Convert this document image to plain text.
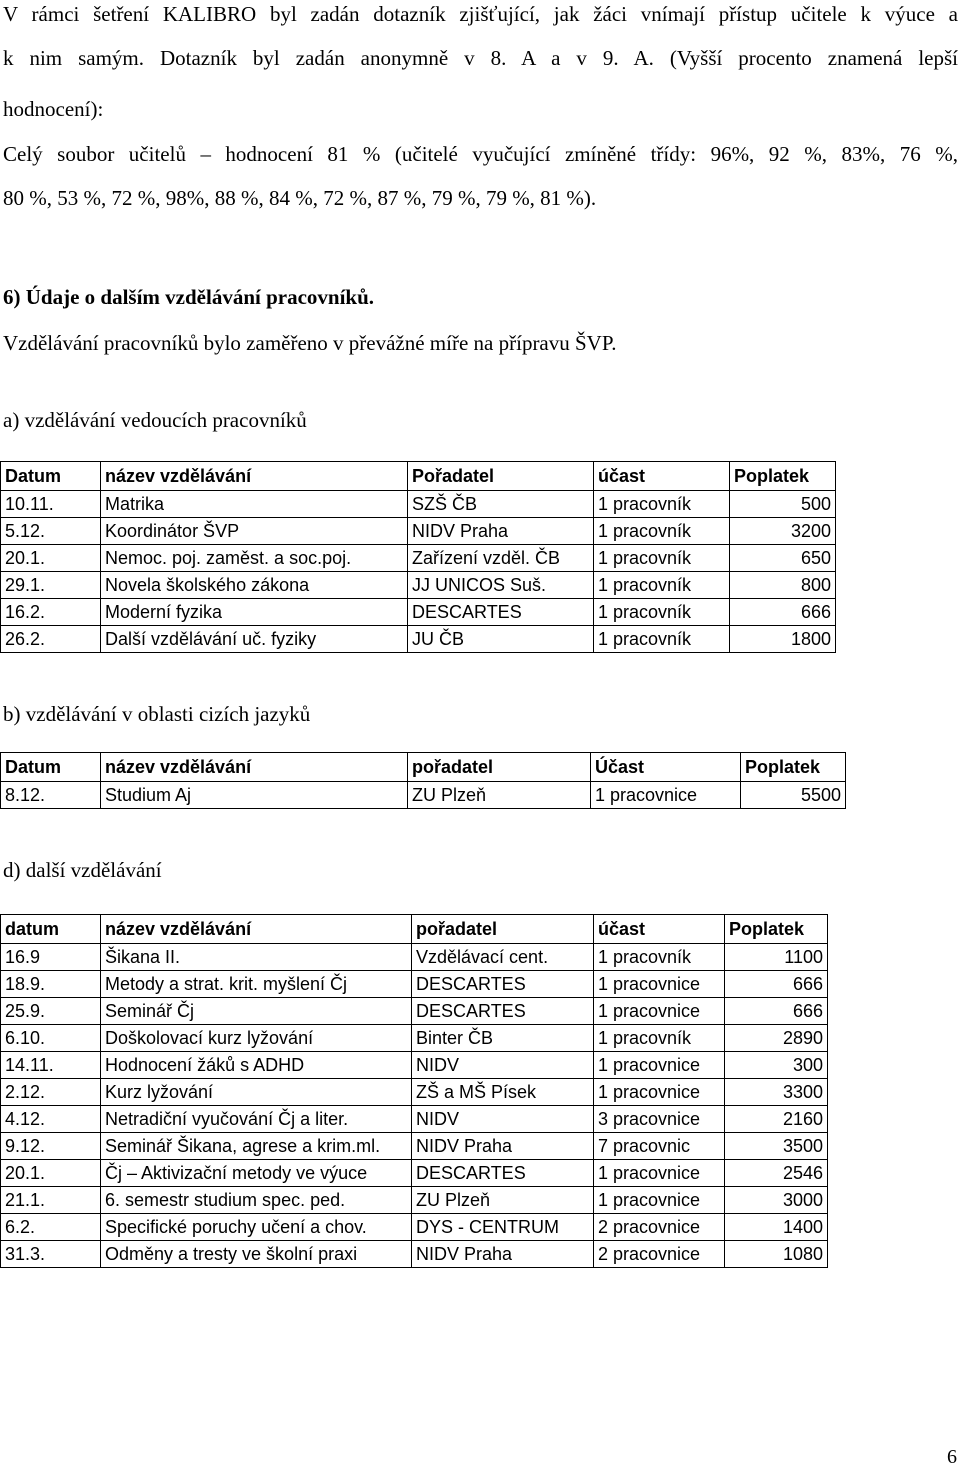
V rámci šetření KALIBRO byl zadán dotazník zjišťující, jak žáci vnímají přístup učitele k výuce a

k nim samým. Dotazník byl zadán anonymně v 8. A a v 9. A. (Vyšší procento znamená lepší

hodnocení):

Celý soubor učitelů – hodnocení 81 % (učitelé vyučující zmíněné třídy: 96%, 92 %, 83%, 76 %,

80 %, 53 %, 72 %, 98%, 88 %, 84 %, 72 %, 87 %, 79 %, 79 %, 81 %).

6) Údaje o dalším vzdělávání pracovníků.

Vzdělávání pracovníků bylo zaměřeno v převážné míře na přípravu ŠVP.

a) vzdělávání vedoucích pracovníků

Datum	název vzdělávání	Pořadatel	účast	Poplatek
10.11.	Matrika	SZŠ ČB	1 pracovník	500
5.12.	Koordinátor ŠVP	NIDV Praha	1 pracovník	3200
20.1.	Nemoc. poj. zaměst. a soc.poj.	Zařízení vzděl. ČB	1 pracovník	650
29.1.	Novela školského zákona	JJ UNICOS Suš.	1 pracovník	800
16.2.	Moderní fyzika	DESCARTES	1 pracovník	666
26.2.	Další vzdělávání uč. fyziky	JU ČB	1 pracovník	1800

b) vzdělávání v oblasti cizích jazyků

Datum	název vzdělávání	pořadatel	Účast	Poplatek
8.12.	Studium Aj	ZU Plzeň	1 pracovnice	5500

d) další vzdělávání

datum	název vzdělávání	pořadatel	účast	Poplatek
16.9	Šikana II.	Vzdělávací cent.	1 pracovník	1100
18.9.	Metody a strat. krit. myšlení Čj	DESCARTES	1 pracovnice	666
25.9.	Seminář Čj	DESCARTES	1 pracovnice	666
6.10.	Doškolovací kurz lyžování	Binter ČB	1 pracovník	2890
14.11.	Hodnocení žáků s ADHD	NIDV	1 pracovnice	300
2.12.	Kurz lyžování	ZŠ a MŠ Písek	1 pracovnice	3300
4.12.	Netradiční vyučování Čj a liter.	NIDV	3 pracovnice	2160
9.12.	Seminář Šikana, agrese a krim.ml.	NIDV Praha	7 pracovnic	3500
20.1.	Čj – Aktivizační metody ve výuce	DESCARTES	1 pracovnice	2546
21.1.	6. semestr studium spec. ped.	ZU Plzeň	1 pracovnice	3000
6.2.	Specifické poruchy učení a chov.	DYS - CENTRUM	2 pracovnice	1400
31.3.	Odměny a tresty ve školní praxi	NIDV Praha	2 pracovnice	1080
6
